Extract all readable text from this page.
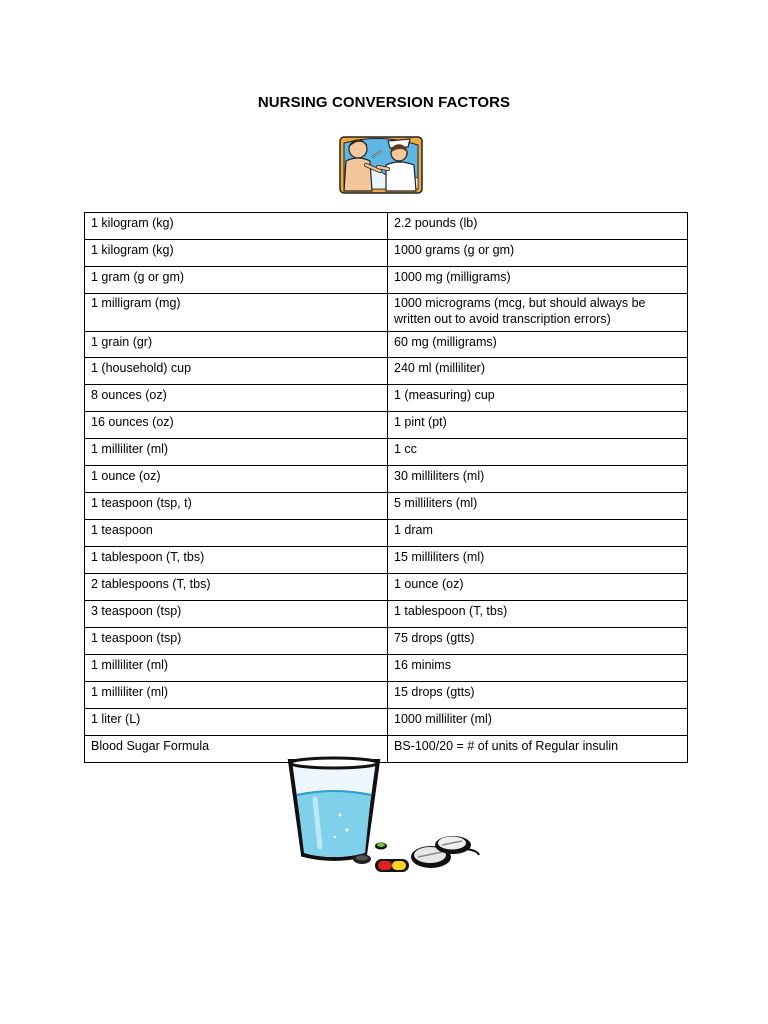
NURSING CONVERSION FACTORS
1 kilogram (kg)	2.2 pounds (lb)
1 kilogram (kg)	1000 grams (g or gm)
1 gram (g or gm)	1000 mg (milligrams)
1 milligram (mg)	1000 micrograms (mcg, but should always be written out to avoid transcription errors)
1 grain (gr)	60 mg (milligrams)
1 (household) cup	240 ml (milliliter)
8 ounces (oz)	1 (measuring) cup
16 ounces (oz)	1 pint (pt)
1 milliliter (ml)	1 cc
1 ounce (oz)	30 milliliters (ml)
1 teaspoon (tsp, t)	5 milliliters (ml)
1 teaspoon	1 dram
1 tablespoon (T, tbs)	15 milliliters (ml)
2 tablespoons (T, tbs)	1 ounce (oz)
3 teaspoon (tsp)	1 tablespoon (T, tbs)
1 teaspoon (tsp)	75 drops (gtts)
1 milliliter (ml)	16 minims
1 milliliter (ml)	15 drops (gtts)
1 liter (L)	1000 milliliter (ml)
Blood Sugar Formula	BS-100/20 = # of units of Regular insulin
